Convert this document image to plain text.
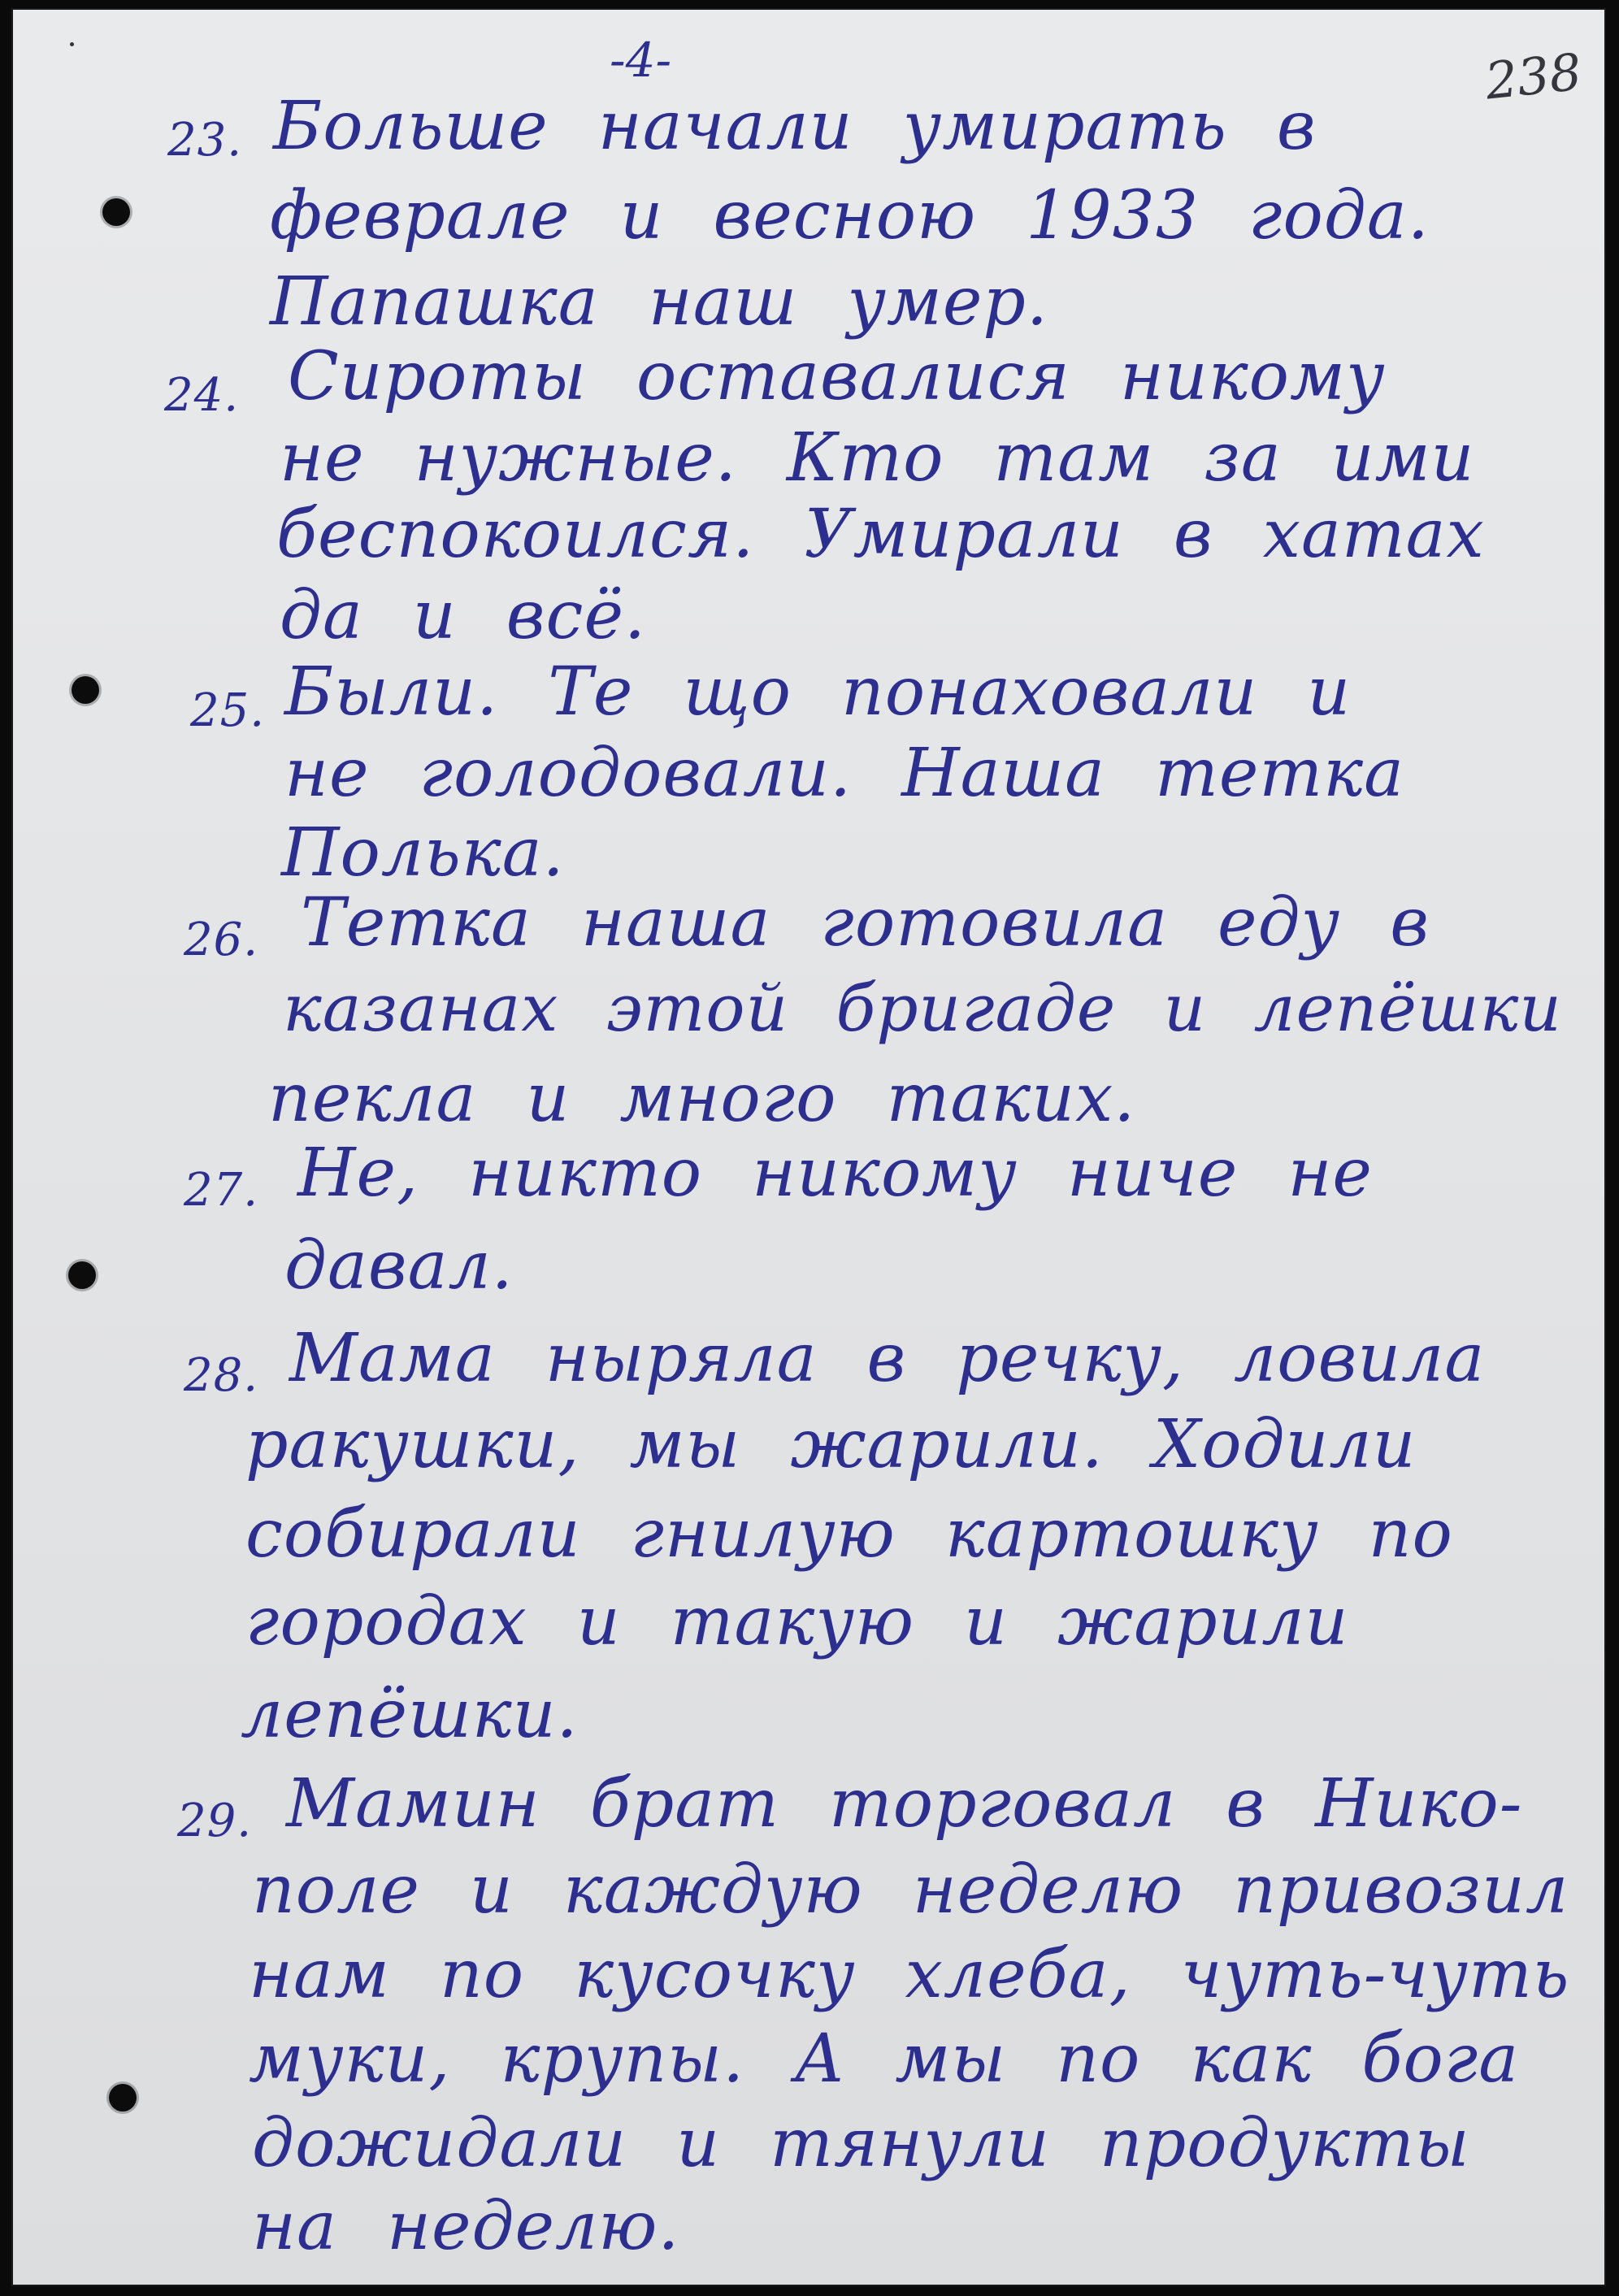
-4-	238
23. Больше начали умирать в
феврале и весною 1933 года.
Папашка наш умер.
24. Сироты оставалися никому
не нужные. Кто там за ими
беспокоился. Умирали в хатах
да и всё.
25. Были. Те що понаховали и
не голодовали. Наша тетка
Полька.
26. Тетка наша готовила еду в
казанах этой бригаде и лепёшки
пекла и много таких.
27. Не, никто никому ниче не
давал.
28. Мама ныряла в речку, ловила
ракушки, мы жарили. Ходили
собирали гнилую картошку по
городах и такую и жарили
лепёшки.
29. Мамин брат торговал в Нико-
поле и каждую неделю привозил
нам по кусочку хлеба, чуть-чуть
муки, крупы. А мы по как бога
дожидали и тянули продукты
на неделю.
